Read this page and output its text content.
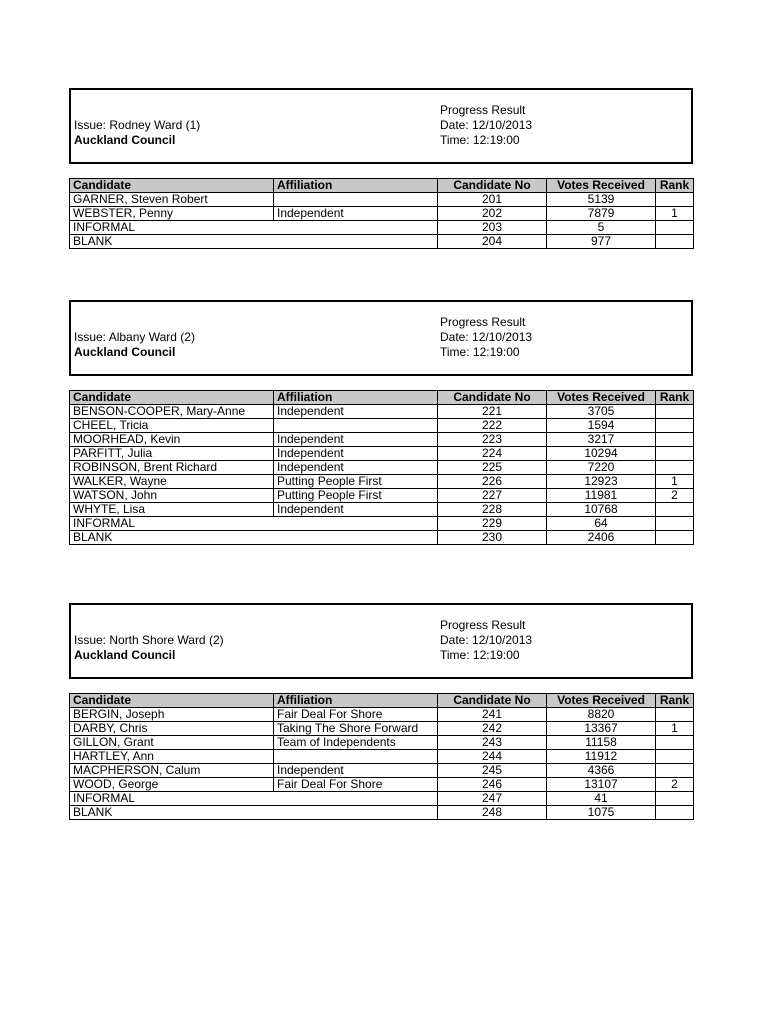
Issue: Rodney Ward (1)
Auckland Council
Progress Result
Date: 12/10/2013
Time: 12:19:00
Candidate	Affiliation	Candidate No	Votes Received	Rank
GARNER, Steven Robert		201	5139	
WEBSTER, Penny	Independent	202	7879	1
INFORMAL		203	5	
BLANK		204	977	
Issue: Albany Ward (2)
Auckland Council
Progress Result
Date: 12/10/2013
Time: 12:19:00
Candidate	Affiliation	Candidate No	Votes Received	Rank
BENSON-COOPER, Mary-Anne	Independent	221	3705	
CHEEL, Tricia		222	1594	
MOORHEAD, Kevin	Independent	223	3217	
PARFITT, Julia	Independent	224	10294	
ROBINSON, Brent Richard	Independent	225	7220	
WALKER, Wayne	Putting People First	226	12923	1
WATSON, John	Putting People First	227	11981	2
WHYTE, Lisa	Independent	228	10768	
INFORMAL		229	64	
BLANK		230	2406	
Issue: North Shore Ward (2)
Auckland Council
Progress Result
Date: 12/10/2013
Time: 12:19:00
Candidate	Affiliation	Candidate No	Votes Received	Rank
BERGIN, Joseph	Fair Deal For Shore	241	8820	
DARBY, Chris	Taking The Shore Forward	242	13367	1
GILLON, Grant	Team of Independents	243	11158	
HARTLEY, Ann		244	11912	
MACPHERSON, Calum	Independent	245	4366	
WOOD, George	Fair Deal For Shore	246	13107	2
INFORMAL		247	41	
BLANK		248	1075	
